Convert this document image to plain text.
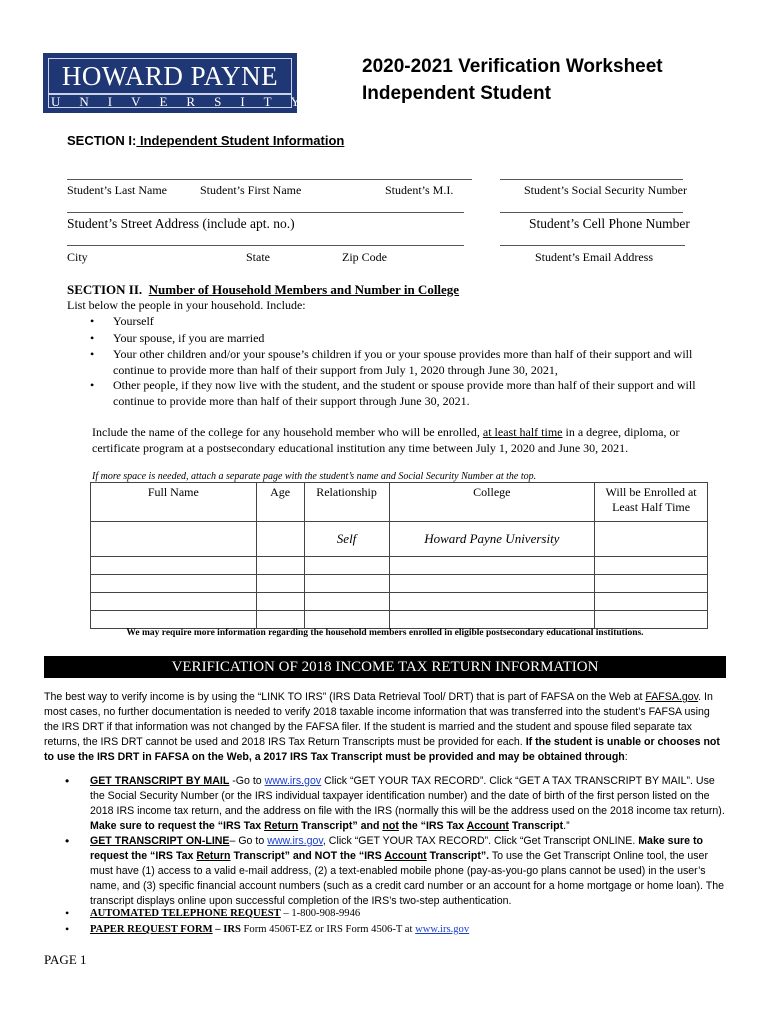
HOWARD PAYNE
UNIVERSITY
2020-2021 Verification Worksheet
Independent Student
SECTION I: Independent Student Information
Student’s Last Name	Student’s First Name	Student’s M.I.	Student’s Social Security Number
Student’s Street Address (include apt. no.)	Student’s Cell Phone Number
City	State	Zip Code	Student’s Email Address
SECTION II. Number of Household Members and Number in College
List below the people in your household. Include:
• Yourself
• Your spouse, if you are married
• Your other children and/or your spouse’s children if you or your spouse provides more than half of their support and will continue to provide more than half of their support from July 1, 2020 through June 30, 2021,
• Other people, if they now live with the student, and the student or spouse provide more than half of their support and will continue to provide more than half of their support through June 30, 2021.
Include the name of the college for any household member who will be enrolled, at least half time in a degree, diploma, or certificate program at a postsecondary educational institution any time between July 1, 2020 and June 30, 2021.
If more space is needed, attach a separate page with the student’s name and Social Security Number at the top.
Full Name	Age	Relationship	College	Will be Enrolled at Least Half Time
		Self	Howard Payne University	

We may require more information regarding the household members enrolled in eligible postsecondary educational institutions.
VERIFICATION OF 2018 INCOME TAX RETURN INFORMATION
The best way to verify income is by using the “LINK TO IRS” (IRS Data Retrieval Tool/ DRT) that is part of FAFSA on the Web at FAFSA.gov. In most cases, no further documentation is needed to verify 2018 taxable income information that was transferred into the student’s FAFSA using the IRS DRT if that information was not changed by the FAFSA filer. If the student is married and the student and spouse filed separate tax returns, the IRS DRT cannot be used and 2018 IRS Tax Return Transcripts must be provided for each. If the student is unable or chooses not to use the IRS DRT in FAFSA on the Web, a 2017 IRS Tax Transcript must be provided and may be obtained through:
• GET TRANSCRIPT BY MAIL -Go to www.irs.gov Click “GET YOUR TAX RECORD”. Click “GET A TAX TRANSCRIPT BY MAIL”. Use the Social Security Number (or the IRS individual taxpayer identification number) and the date of birth of the first person listed on the 2018 IRS income tax return, and the address on file with the IRS (normally this will be the address used on the 2018 income tax return). Make sure to request the “IRS Tax Return Transcript” and not the “IRS Tax Account Transcript.”
• GET TRANSCRIPT ON-LINE– Go to www.irs.gov, Click “GET YOUR TAX RECORD”. Click “Get Transcript ONLINE. Make sure to request the “IRS Tax Return Transcript” and NOT the “IRS Account Transcript”. To use the Get Transcript Online tool, the user must have (1) access to a valid e-mail address, (2) a text-enabled mobile phone (pay-as-you-go plans cannot be used) in the user’s name, and (3) specific financial account numbers (such as a credit card number or an account for a home mortgage or home loan). The transcript displays online upon successful completion of the IRS’s two-step authentication.
• AUTOMATED TELEPHONE REQUEST – 1-800-908-9946
• PAPER REQUEST FORM – IRS Form 4506T-EZ or IRS Form 4506-T at www.irs.gov
PAGE 1
